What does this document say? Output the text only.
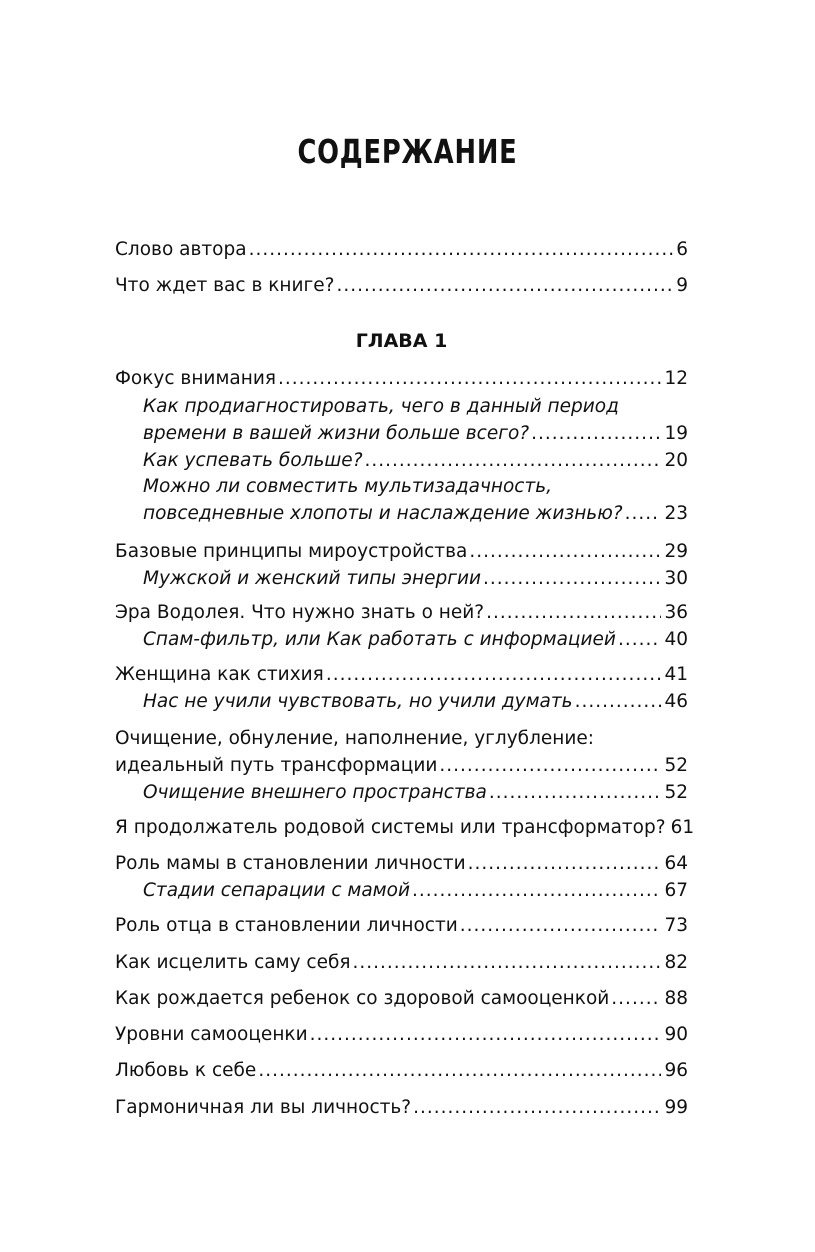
СОДЕРЖАНИЕ
Слово автора .....	6
Что ждет вас в книге? .....	9
ГЛАВА 1
Фокус внимания .....	12
Как продиагностировать, чего в данный период
времени в вашей жизни больше всего? .....	19
Как успевать больше? .....	20
Можно ли совместить мультизадачность,
повседневные хлопоты и наслаждение жизнью? ..... 23
Базовые принципы мироустройства .....	29
Мужской и женский типы энергии .....	30
Эра Водолея. Что нужно знать о ней? .....	36
Спам-фильтр, или Как работать с информацией .....	40
Женщина как стихия .....	41
Нас не учили чувствовать, но учили думать .....	46
Очищение, обнуление, наполнение, углубление:
идеальный путь трансформации .....	52
Очищение внешнего пространства .....	52
Я продолжатель родовой системы или трансформатор? 61
Роль мамы в становлении личности .....	64
Стадии сепарации с мамой .....	67
Роль отца в становлении личности .....	73
Как исцелить саму себя .....	82
Как рождается ребенок со здоровой самооценкой .....	88
Уровни самооценки .....	90
Любовь к себе .....	96
Гармоничная ли вы личность? .....	99
